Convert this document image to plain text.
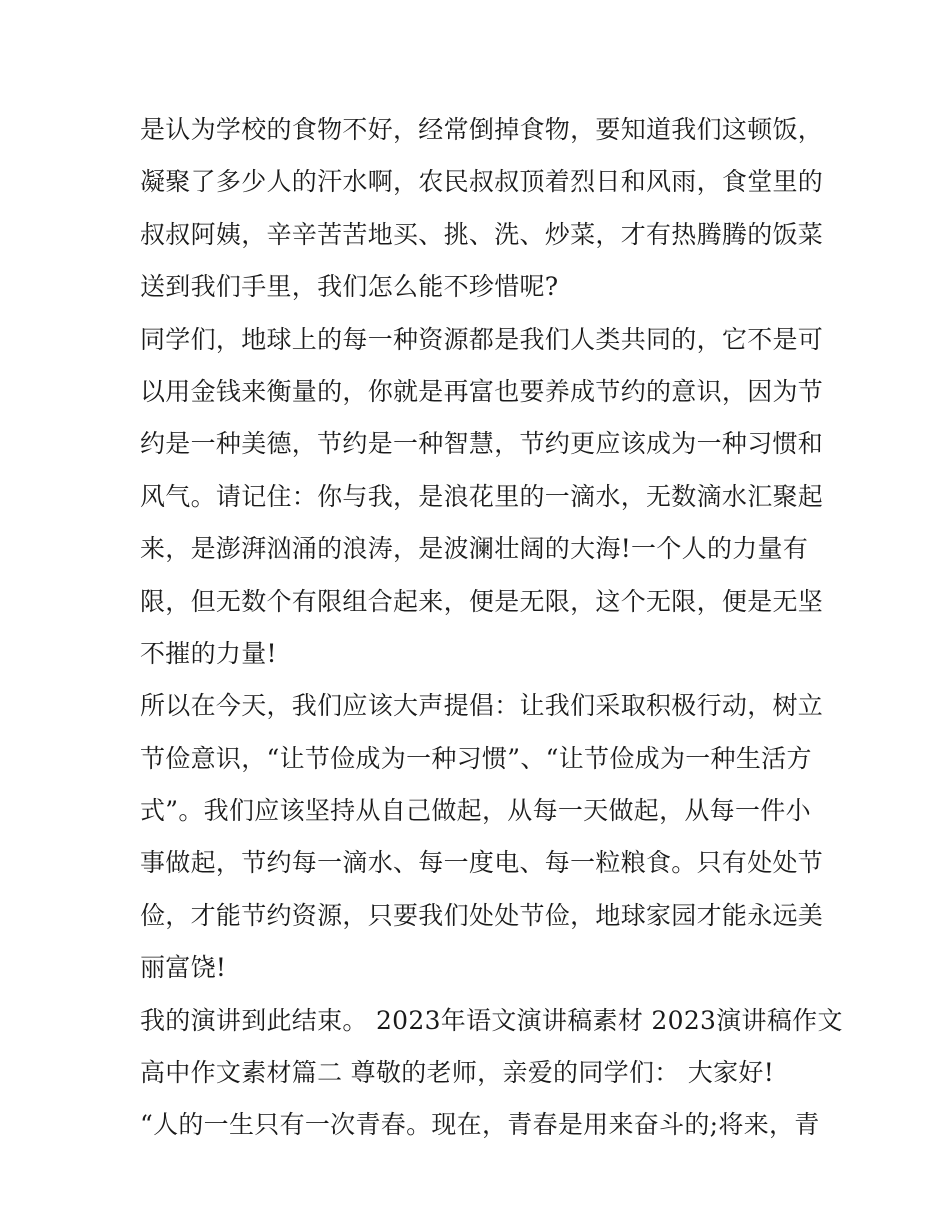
是认为学校的食物不好，经常倒掉食物，要知道我们这顿饭，
凝聚了多少人的汗水啊，农民叔叔顶着烈日和风雨，食堂里的
叔叔阿姨，辛辛苦苦地买、挑、洗、炒菜，才有热腾腾的饭菜
送到我们手里，我们怎么能不珍惜呢?
同学们，地球上的每一种资源都是我们人类共同的，它不是可
以用金钱来衡量的，你就是再富也要养成节约的意识，因为节
约是一种美德，节约是一种智慧，节约更应该成为一种习惯和
风气。请记住：你与我，是浪花里的一滴水，无数滴水汇聚起
来，是澎湃汹涌的浪涛，是波澜壮阔的大海!一个人的力量有
限，但无数个有限组合起来，便是无限，这个无限，便是无坚
不摧的力量!
所以在今天，我们应该大声提倡：让我们采取积极行动，树立
节俭意识，“让节俭成为一种习惯”、“让节俭成为一种生活方
式”。我们应该坚持从自己做起，从每一天做起，从每一件小
事做起，节约每一滴水、每一度电、每一粒粮食。只有处处节
俭，才能节约资源，只要我们处处节俭，地球家园才能永远美
丽富饶!
我的演讲到此结束。 2023年语文演讲稿素材 2023演讲稿作文
高中作文素材篇二 尊敬的老师，亲爱的同学们： 大家好!
“人的一生只有一次青春。现在，青春是用来奋斗的;将来，青
